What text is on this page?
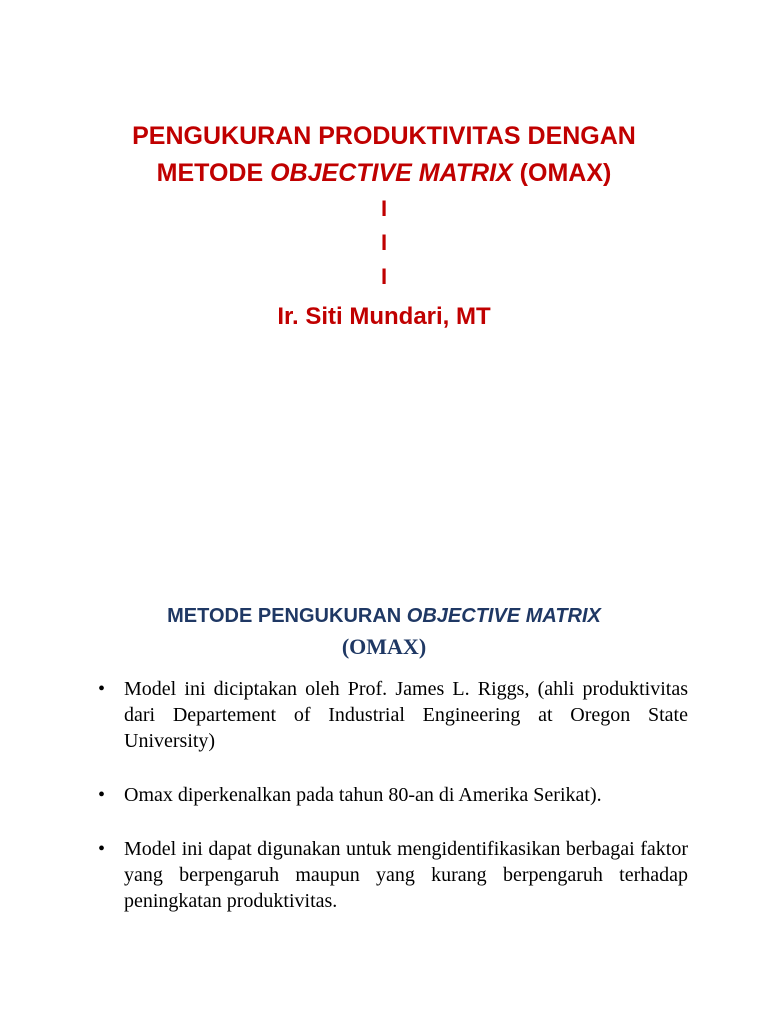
PENGUKURAN PRODUKTIVITAS DENGAN
METODE OBJECTIVE MATRIX (OMAX)
I
I
I
Ir. Siti Mundari, MT
METODE PENGUKURAN OBJECTIVE MATRIX
(OMAX)
• Model ini diciptakan oleh Prof. James L. Riggs, (ahli produktivitas dari Departement of Industrial Engineering at Oregon State University)
• Omax diperkenalkan pada tahun 80-an di Amerika Serikat).
• Model ini dapat digunakan untuk mengidentifikasikan berbagai faktor yang berpengaruh maupun yang kurang berpengaruh terhadap peningkatan produktivitas.
